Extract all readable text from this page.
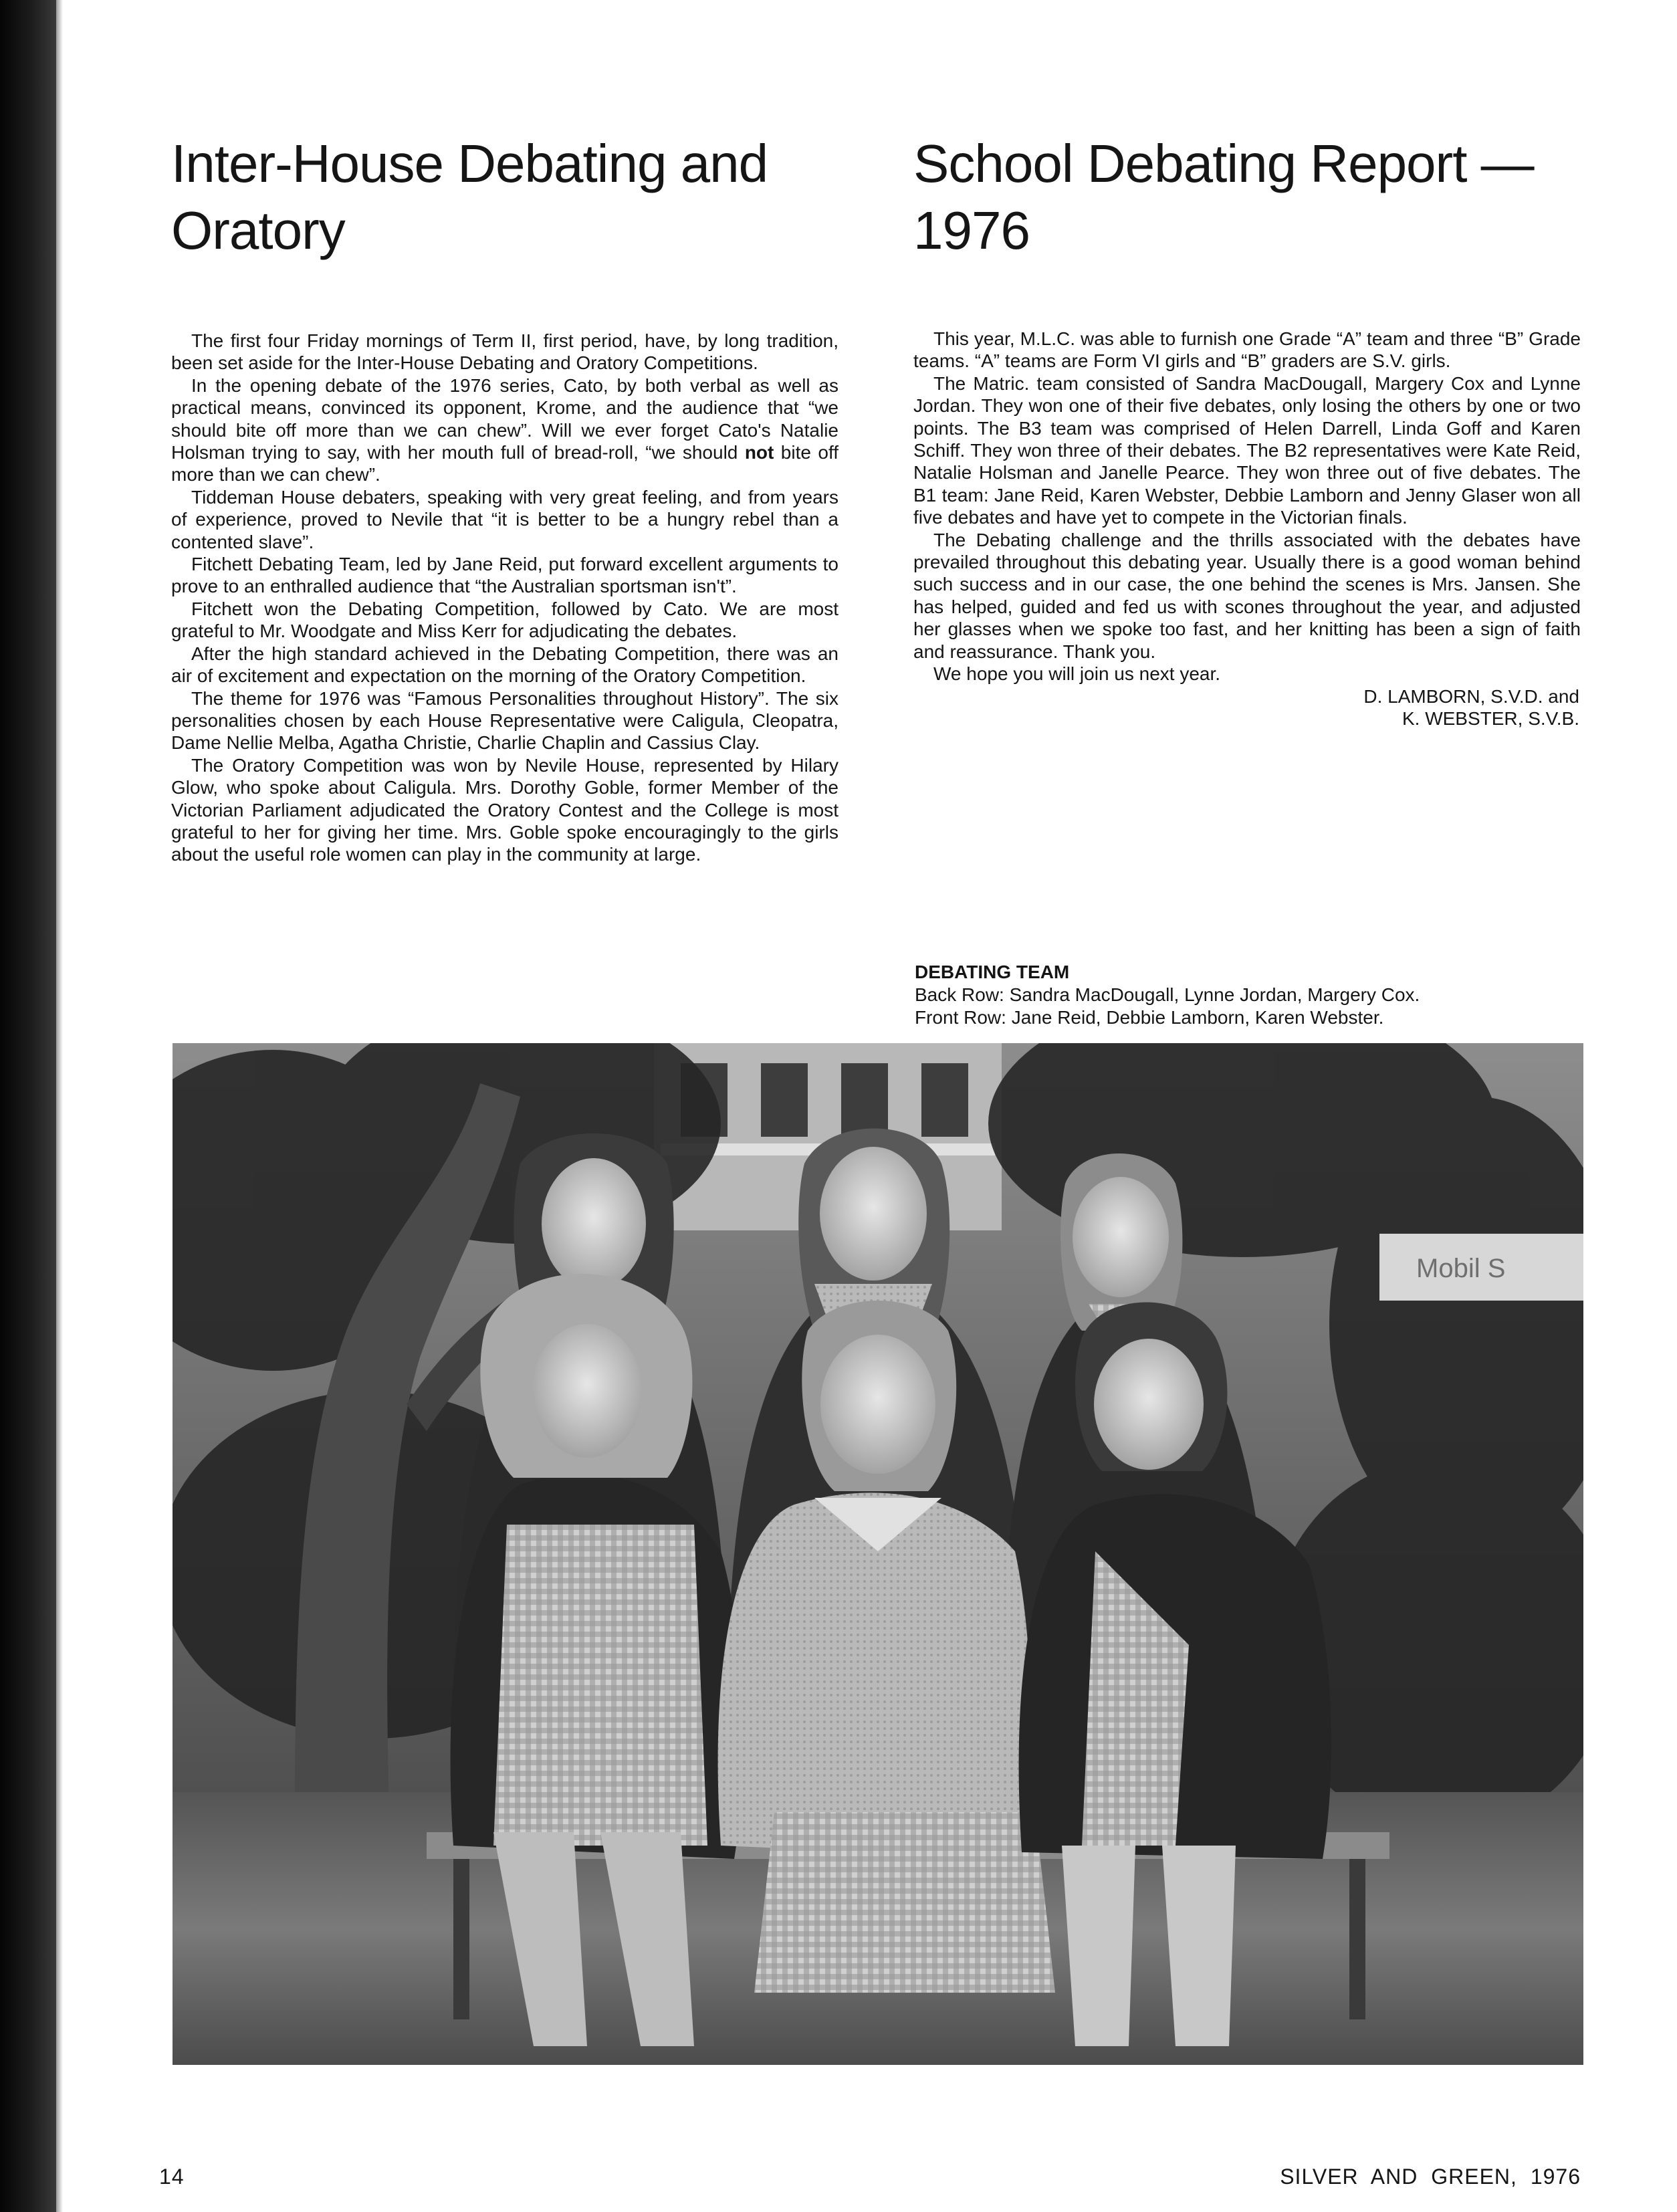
Inter-House Debating and
Oratory

The first four Friday mornings of Term II, first period, have, by long tradition, been set aside for the Inter-House Debating and Oratory Competitions.

In the opening debate of the 1976 series, Cato, by both verbal as well as practical means, convinced its opponent, Krome, and the audience that “we should bite off more than we can chew”. Will we ever forget Cato's Natalie Holsman trying to say, with her mouth full of bread-roll, “we should not bite off more than we can chew”.

Tiddeman House debaters, speaking with very great feeling, and from years of experience, proved to Nevile that “it is better to be a hungry rebel than a contented slave”.

Fitchett Debating Team, led by Jane Reid, put forward excellent arguments to prove to an enthralled audience that “the Australian sportsman isn't”.

Fitchett won the Debating Competition, followed by Cato. We are most grateful to Mr. Woodgate and Miss Kerr for adjudicating the debates.

After the high standard achieved in the Debating Competition, there was an air of excitement and expectation on the morning of the Oratory Competition.

The theme for 1976 was “Famous Personalities throughout History”. The six personalities chosen by each House Representative were Caligula, Cleopatra, Dame Nellie Melba, Agatha Christie, Charlie Chaplin and Cassius Clay.

The Oratory Competition was won by Nevile House, represented by Hilary Glow, who spoke about Caligula. Mrs. Dorothy Goble, former Member of the Victorian Parliament adjudicated the Oratory Contest and the College is most grateful to her for giving her time. Mrs. Goble spoke encouragingly to the girls about the useful role women can play in the community at large.

School Debating Report —
1976

This year, M.L.C. was able to furnish one Grade “A” team and three “B” Grade teams. “A” teams are Form VI girls and “B” graders are S.V. girls.

The Matric. team consisted of Sandra MacDougall, Margery Cox and Lynne Jordan. They won one of their five debates, only losing the others by one or two points. The B3 team was comprised of Helen Darrell, Linda Goff and Karen Schiff. They won three of their debates. The B2 representatives were Kate Reid, Natalie Holsman and Janelle Pearce. They won three out of five debates. The B1 team: Jane Reid, Karen Webster, Debbie Lamborn and Jenny Glaser won all five debates and have yet to compete in the Victorian finals.

The Debating challenge and the thrills associated with the debates have prevailed throughout this debating year. Usually there is a good woman behind such success and in our case, the one behind the scenes is Mrs. Jansen. She has helped, guided and fed us with scones throughout the year, and adjusted her glasses when we spoke too fast, and her knitting has been a sign of faith and reassurance. Thank you.

We hope you will join us next year.

D. LAMBORN, S.V.D. and
K. WEBSTER, S.V.B.
DEBATING TEAM
Back Row: Sandra MacDougall, Lynne Jordan, Margery Cox.
Front Row: Jane Reid, Debbie Lamborn, Karen Webster.
Mobil S
14	SILVER AND GREEN, 1976
